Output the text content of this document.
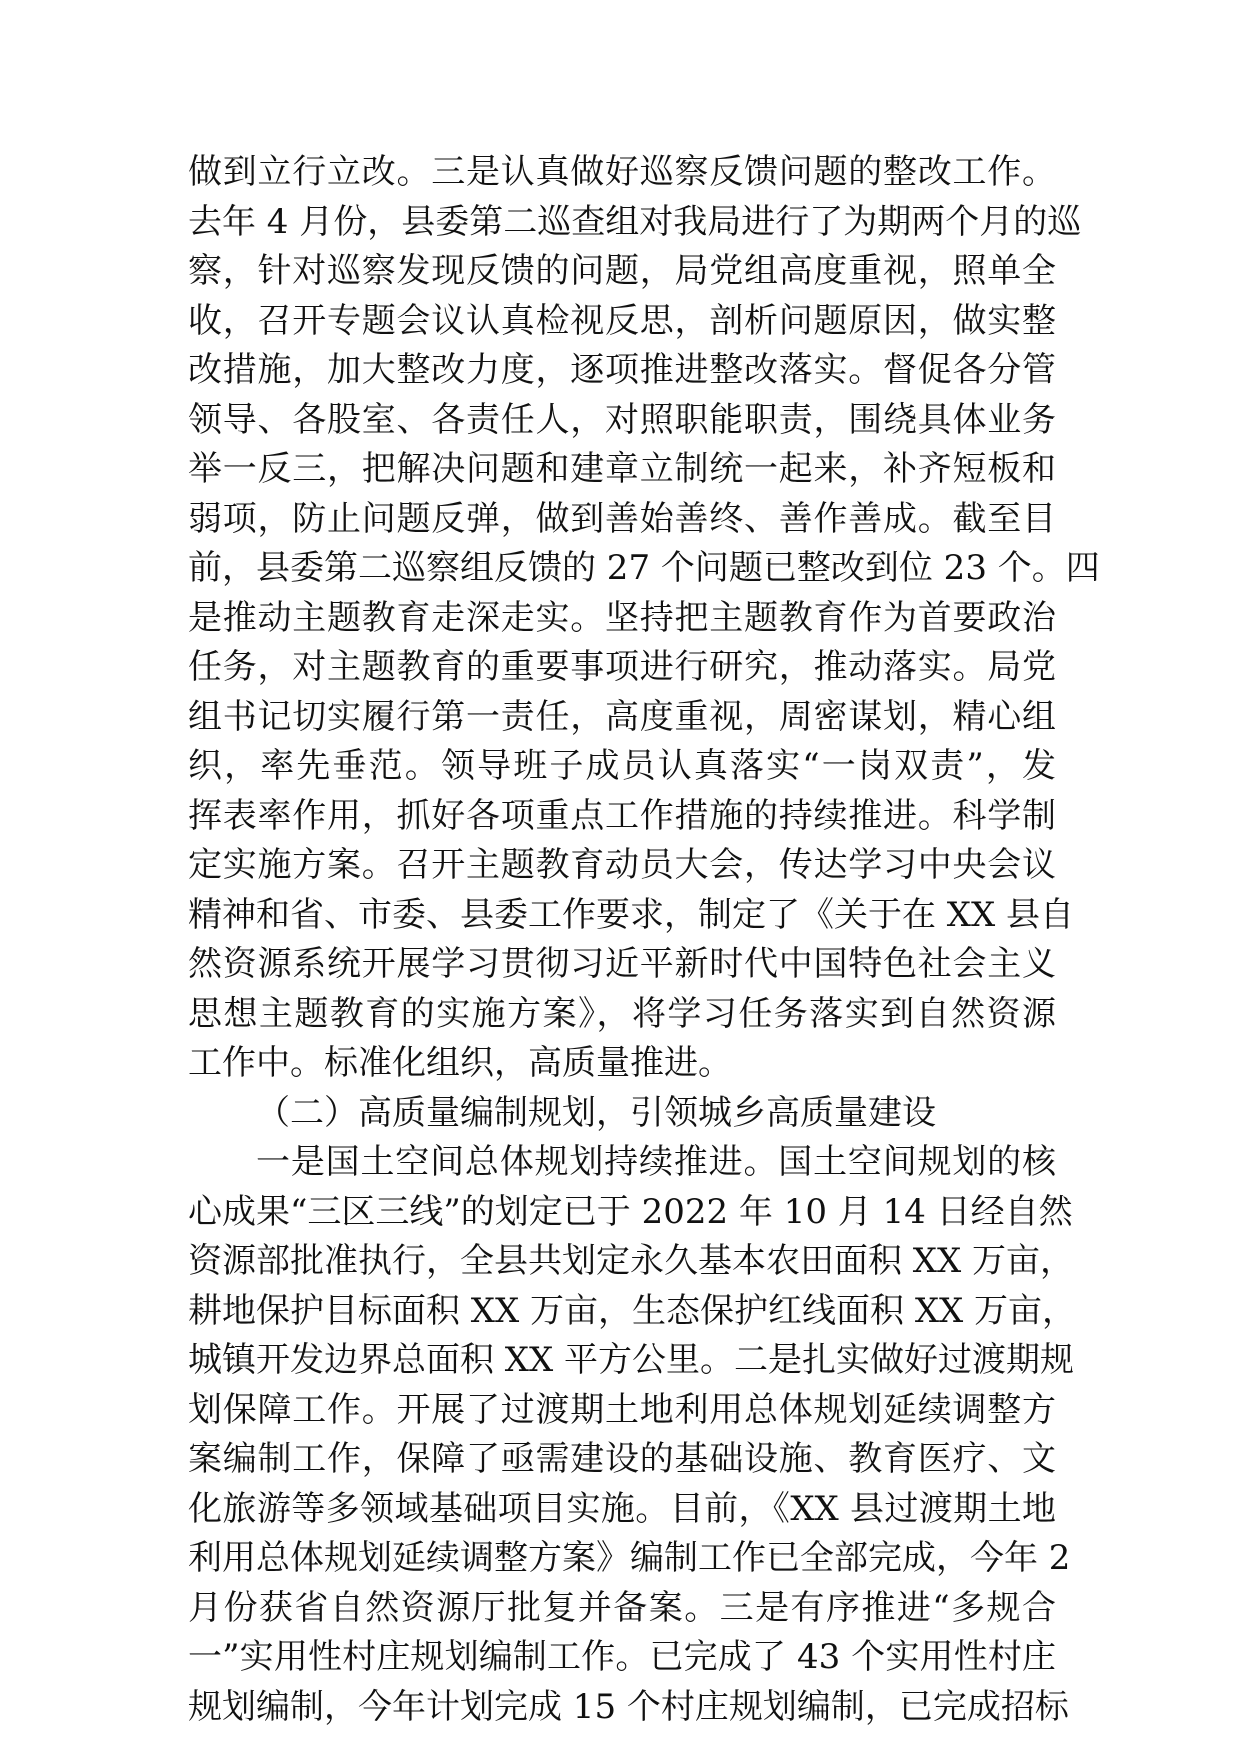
做到立行立改。三是认真做好巡察反馈问题的整改工作。
去年 4 月份，县委第二巡查组对我局进行了为期两个月的巡
察，针对巡察发现反馈的问题，局党组高度重视，照单全
收，召开专题会议认真检视反思，剖析问题原因，做实整
改措施，加大整改力度，逐项推进整改落实。督促各分管
领导、各股室、各责任人，对照职能职责，围绕具体业务
举一反三，把解决问题和建章立制统一起来，补齐短板和
弱项，防止问题反弹，做到善始善终、善作善成。截至目
前，县委第二巡察组反馈的 27 个问题已整改到位 23 个。四
是推动主题教育走深走实。坚持把主题教育作为首要政治
任务，对主题教育的重要事项进行研究，推动落实。局党
组书记切实履行第一责任，高度重视，周密谋划，精心组
织，率先垂范。领导班子成员认真落实“一岗双责”，发
挥表率作用，抓好各项重点工作措施的持续推进。科学制
定实施方案。召开主题教育动员大会，传达学习中央会议
精神和省、市委、县委工作要求，制定了《关于在 XX 县自
然资源系统开展学习贯彻习近平新时代中国特色社会主义
思想主题教育的实施方案》，将学习任务落实到自然资源
工作中。标准化组织，高质量推进。
（二）高质量编制规划，引领城乡高质量建设
一是国土空间总体规划持续推进。国土空间规划的核
心成果“三区三线”的划定已于 2022 年 10 月 14 日经自然
资源部批准执行，全县共划定永久基本农田面积 XX 万亩，
耕地保护目标面积 XX 万亩，生态保护红线面积 XX 万亩，
城镇开发边界总面积 XX 平方公里。二是扎实做好过渡期规
划保障工作。开展了过渡期土地利用总体规划延续调整方
案编制工作，保障了亟需建设的基础设施、教育医疗、文
化旅游等多领域基础项目实施。目前，《XX 县过渡期土地
利用总体规划延续调整方案》编制工作已全部完成，今年 2
月份获省自然资源厅批复并备案。三是有序推进“多规合
一”实用性村庄规划编制工作。已完成了 43 个实用性村庄
规划编制，今年计划完成 15 个村庄规划编制，已完成招标
